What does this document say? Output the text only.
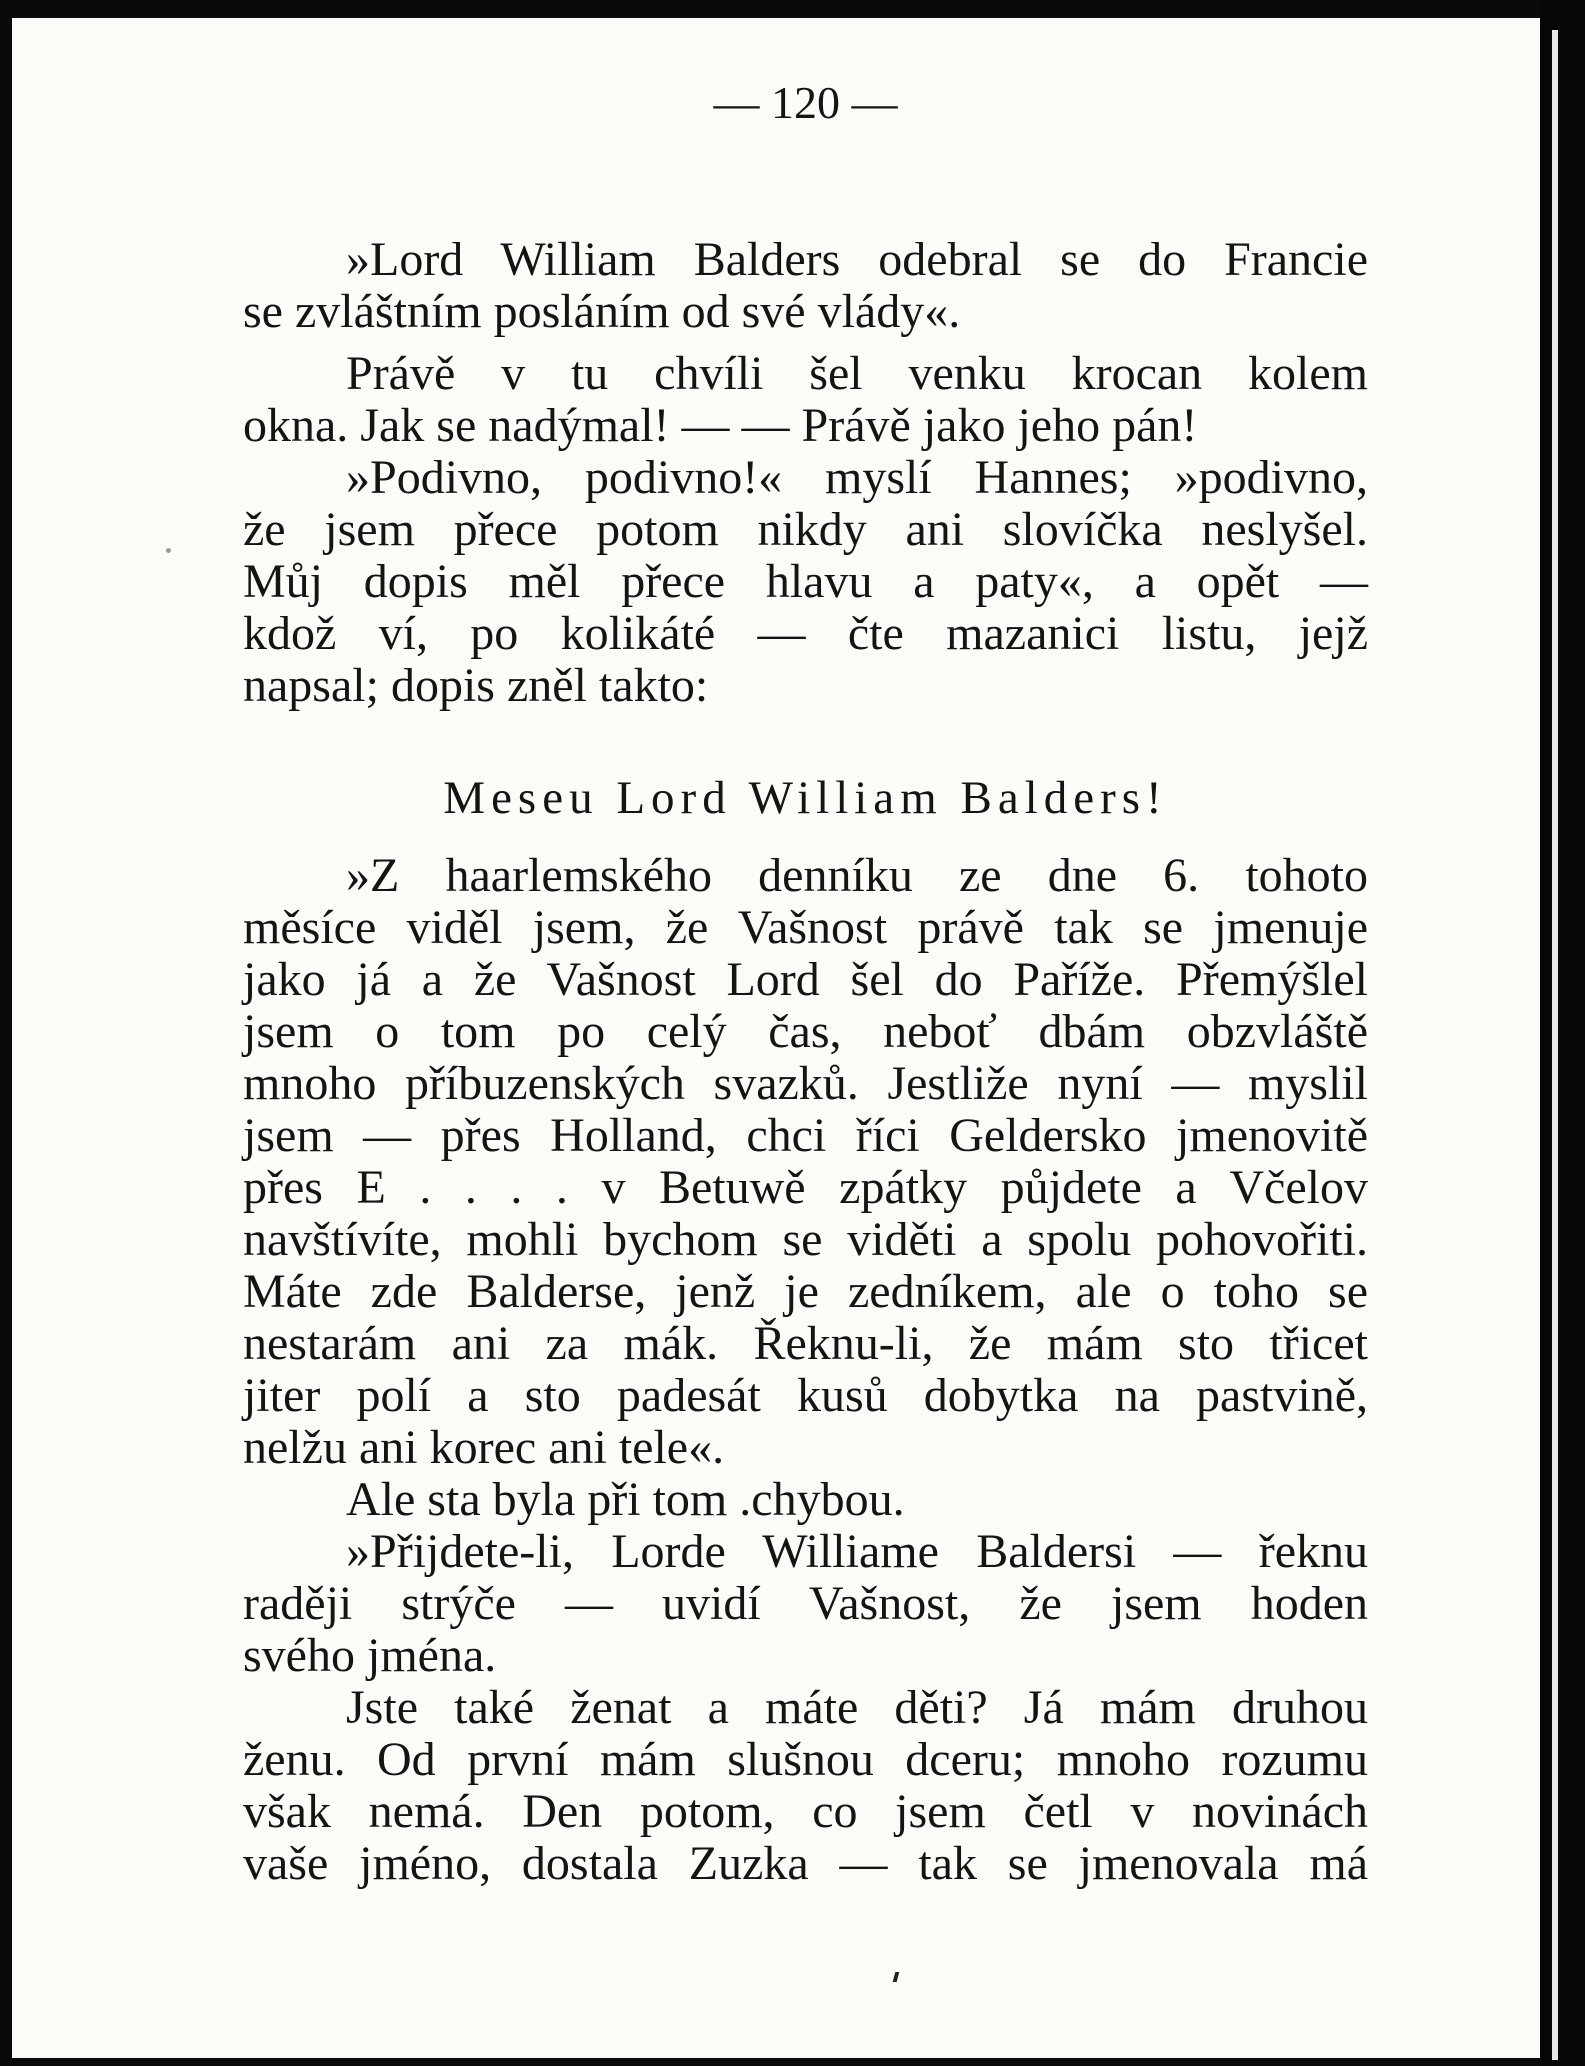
— 120 —
»Lord William Balders odebral se do Francie
se zvláštním posláním od své vlády«.
Právě v tu chvíli šel venku krocan kolem
okna. Jak se nadýmal! — — Právě jako jeho pán!
»Podivno, podivno!« myslí Hannes; »podivno,
že jsem přece potom nikdy ani slovíčka neslyšel.
Můj dopis měl přece hlavu a paty«, a opět —
kdož ví, po kolikáté — čte mazanici listu, jejž
napsal; dopis zněl takto:
Meseu Lord William Balders!
»Z haarlemského denníku ze dne 6. tohoto
měsíce viděl jsem, že Vašnost právě tak se jmenuje
jako já a že Vašnost Lord šel do Paříže. Přemýšlel
jsem o tom po celý čas, neboť dbám obzvláště
mnoho příbuzenských svazků. Jestliže nyní — myslil
jsem — přes Holland, chci říci Geldersko jmenovitě
přes E . . . . v Betuwě zpátky půjdete a Včelov
navštívíte, mohli bychom se viděti a spolu pohovořiti.
Máte zde Balderse, jenž je zedníkem, ale o toho se
nestarám ani za mák. Řeknu-li, že mám sto třicet
jiter polí a sto padesát kusů dobytka na pastvině,
nelžu ani korec ani tele«.
Ale sta byla při tom .chybou.
»Přijdete-li, Lorde Williame Baldersi — řeknu
raději strýče — uvidí Vašnost, že jsem hoden
svého jména.
Jste také ženat a máte děti? Já mám druhou
ženu. Od první mám slušnou dceru; mnoho rozumu
však nemá. Den potom, co jsem četl v novinách
vaše jméno, dostala Zuzka — tak se jmenovala má
